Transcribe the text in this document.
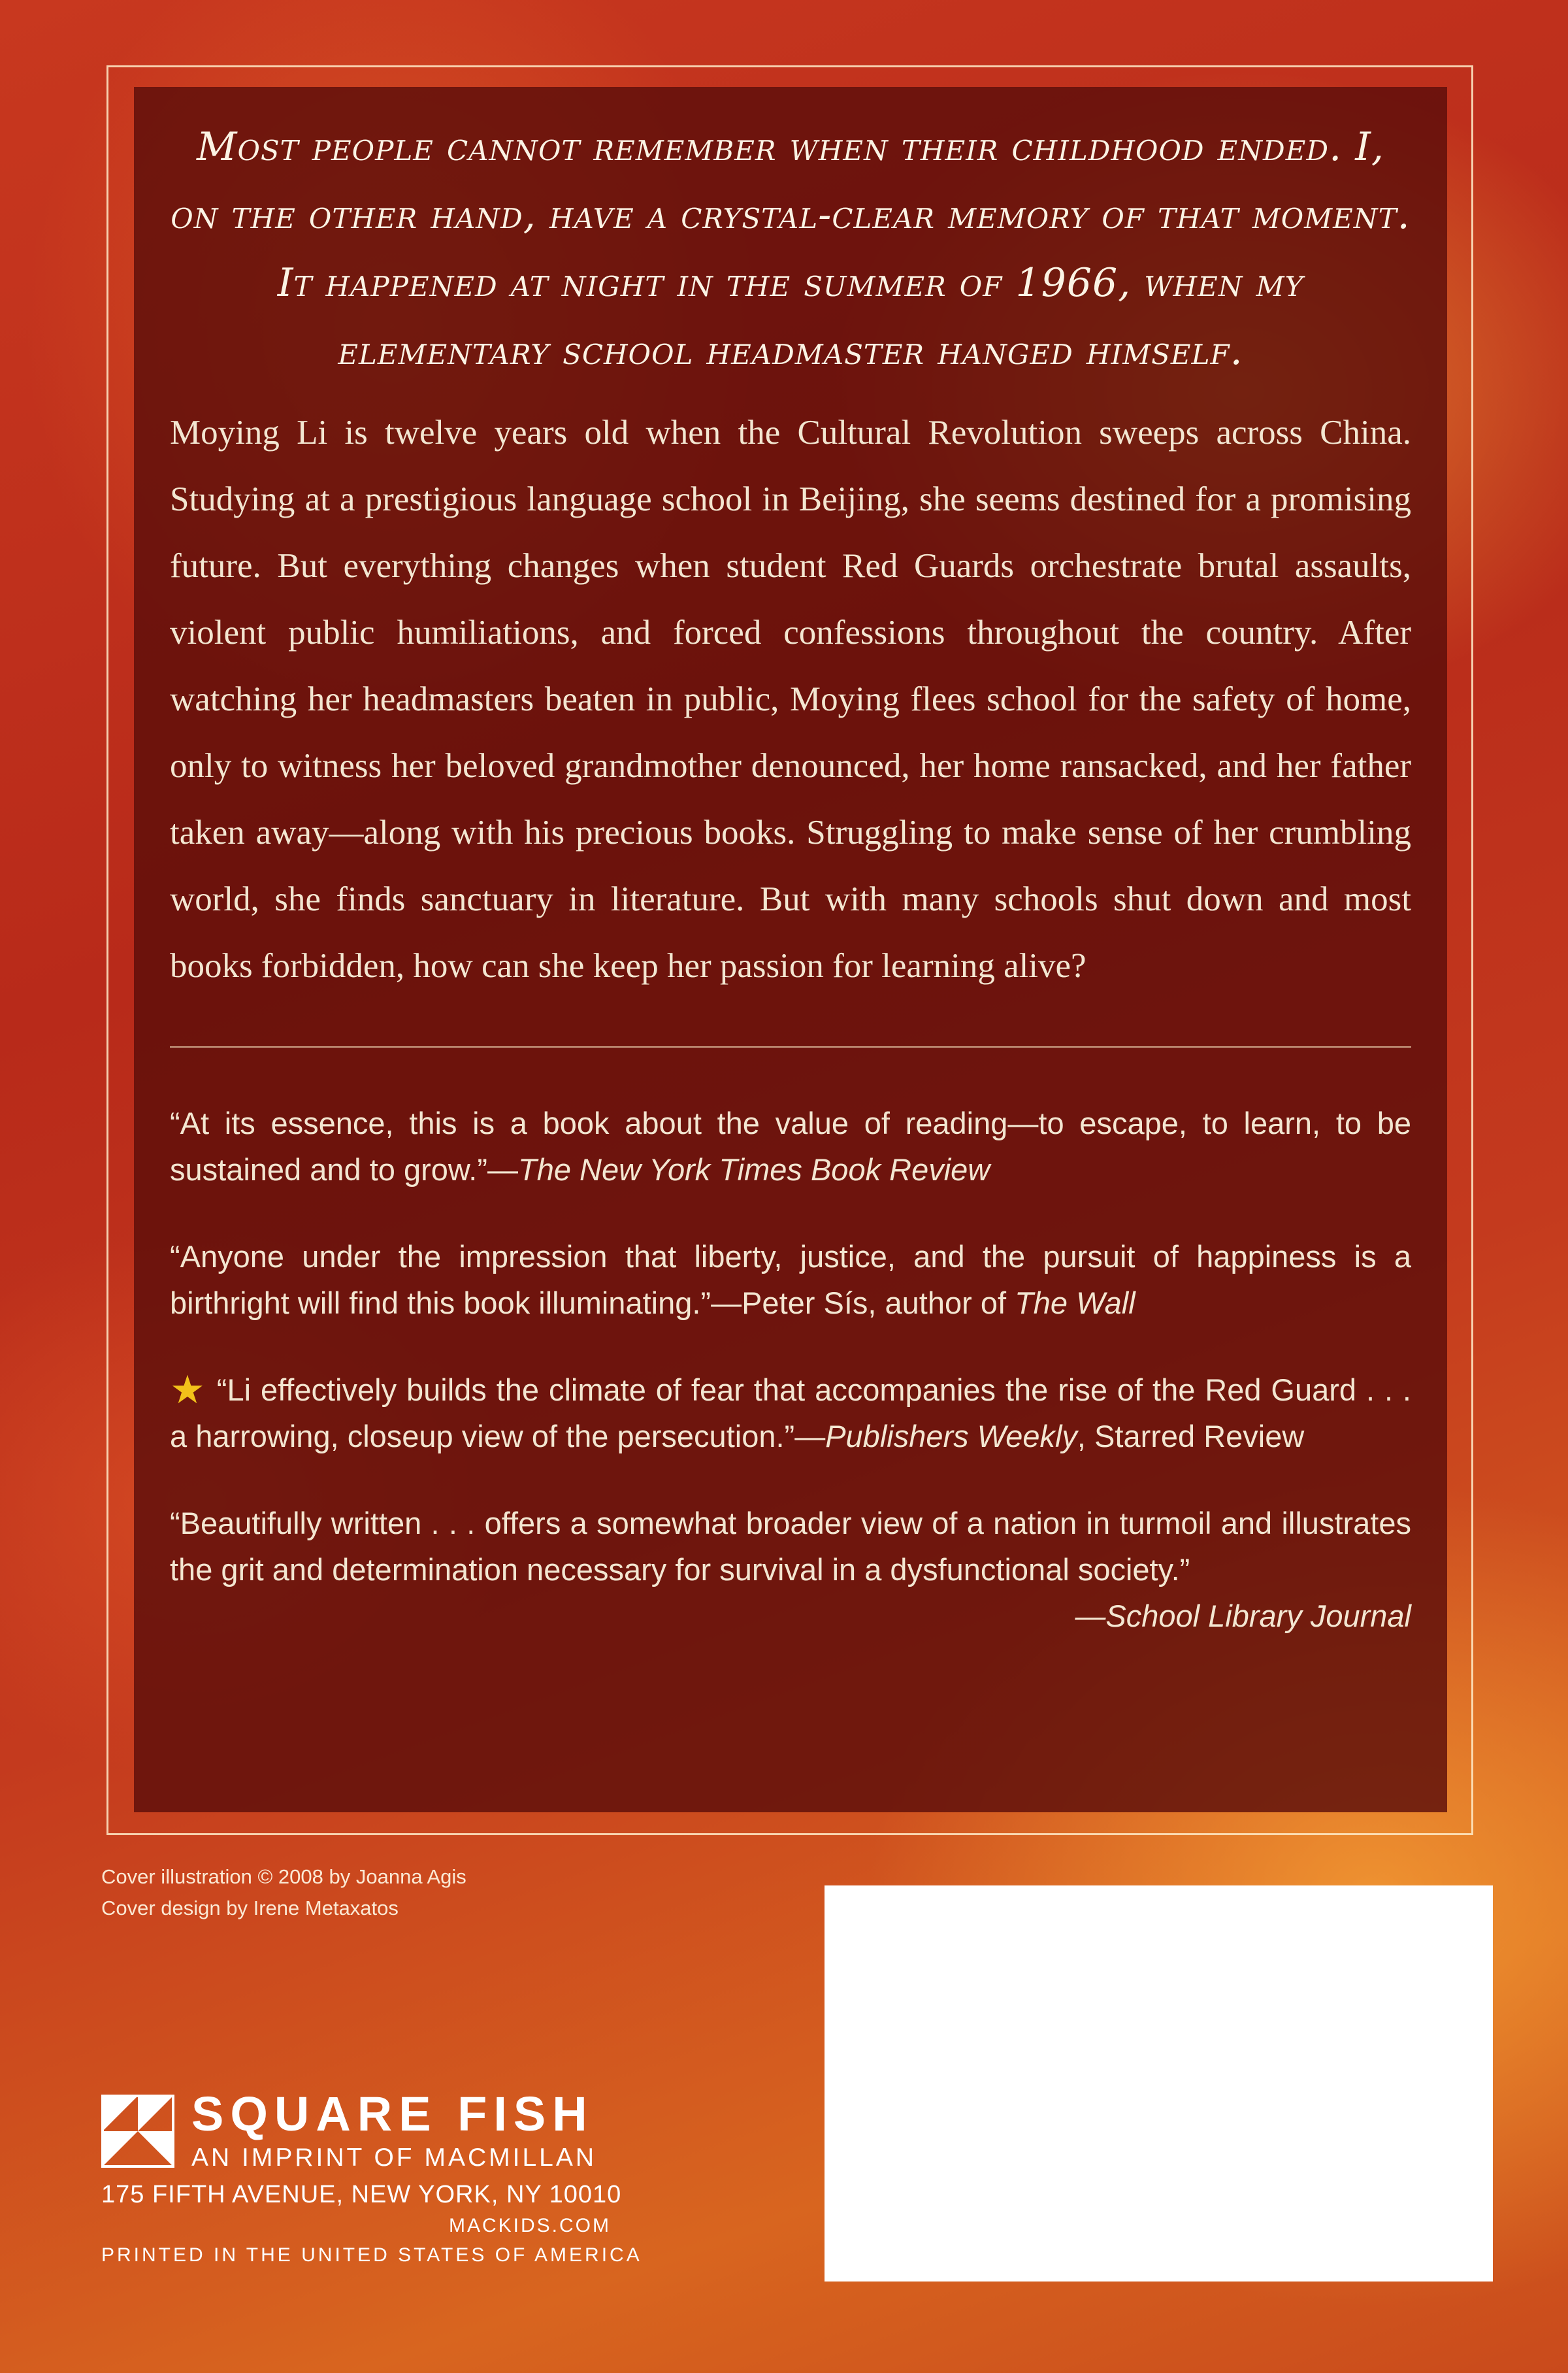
Most people cannot remember when their childhood ended. I, on the other hand, have a crystal-clear memory of that moment. It happened at night in the summer of 1966, when my elementary school headmaster hanged himself.

Moying Li is twelve years old when the Cultural Revolution sweeps across China. Studying at a prestigious language school in Beijing, she seems destined for a promising future. But everything changes when student Red Guards orchestrate brutal assaults, violent public humiliations, and forced confessions throughout the country. After watching her headmasters beaten in public, Moying flees school for the safety of home, only to witness her beloved grandmother denounced, her home ransacked, and her father taken away—along with his precious books. Struggling to make sense of her crumbling world, she finds sanctuary in literature. But with many schools shut down and most books forbidden, how can she keep her passion for learning alive?

“At its essence, this is a book about the value of reading—to escape, to learn, to be sustained and to grow.”—The New York Times Book Review

“Anyone under the impression that liberty, justice, and the pursuit of happiness is a birthright will find this book illuminating.”—Peter Sís, author of The Wall

★ “Li effectively builds the climate of fear that accompanies the rise of the Red Guard . . . a harrowing, closeup view of the persecution.”—Publishers Weekly, Starred Review

“Beautifully written . . . offers a somewhat broader view of a nation in turmoil and illustrates the grit and determination necessary for survival in a dysfunctional society.”
—School Library Journal

Cover illustration © 2008 by Joanna Agis
Cover design by Irene Metaxatos
SQUARE FISH
AN IMPRINT OF MACMILLAN
175 FIFTH AVENUE, NEW YORK, NY 10010
MACKIDS.COM
PRINTED IN THE UNITED STATES OF AMERICA
